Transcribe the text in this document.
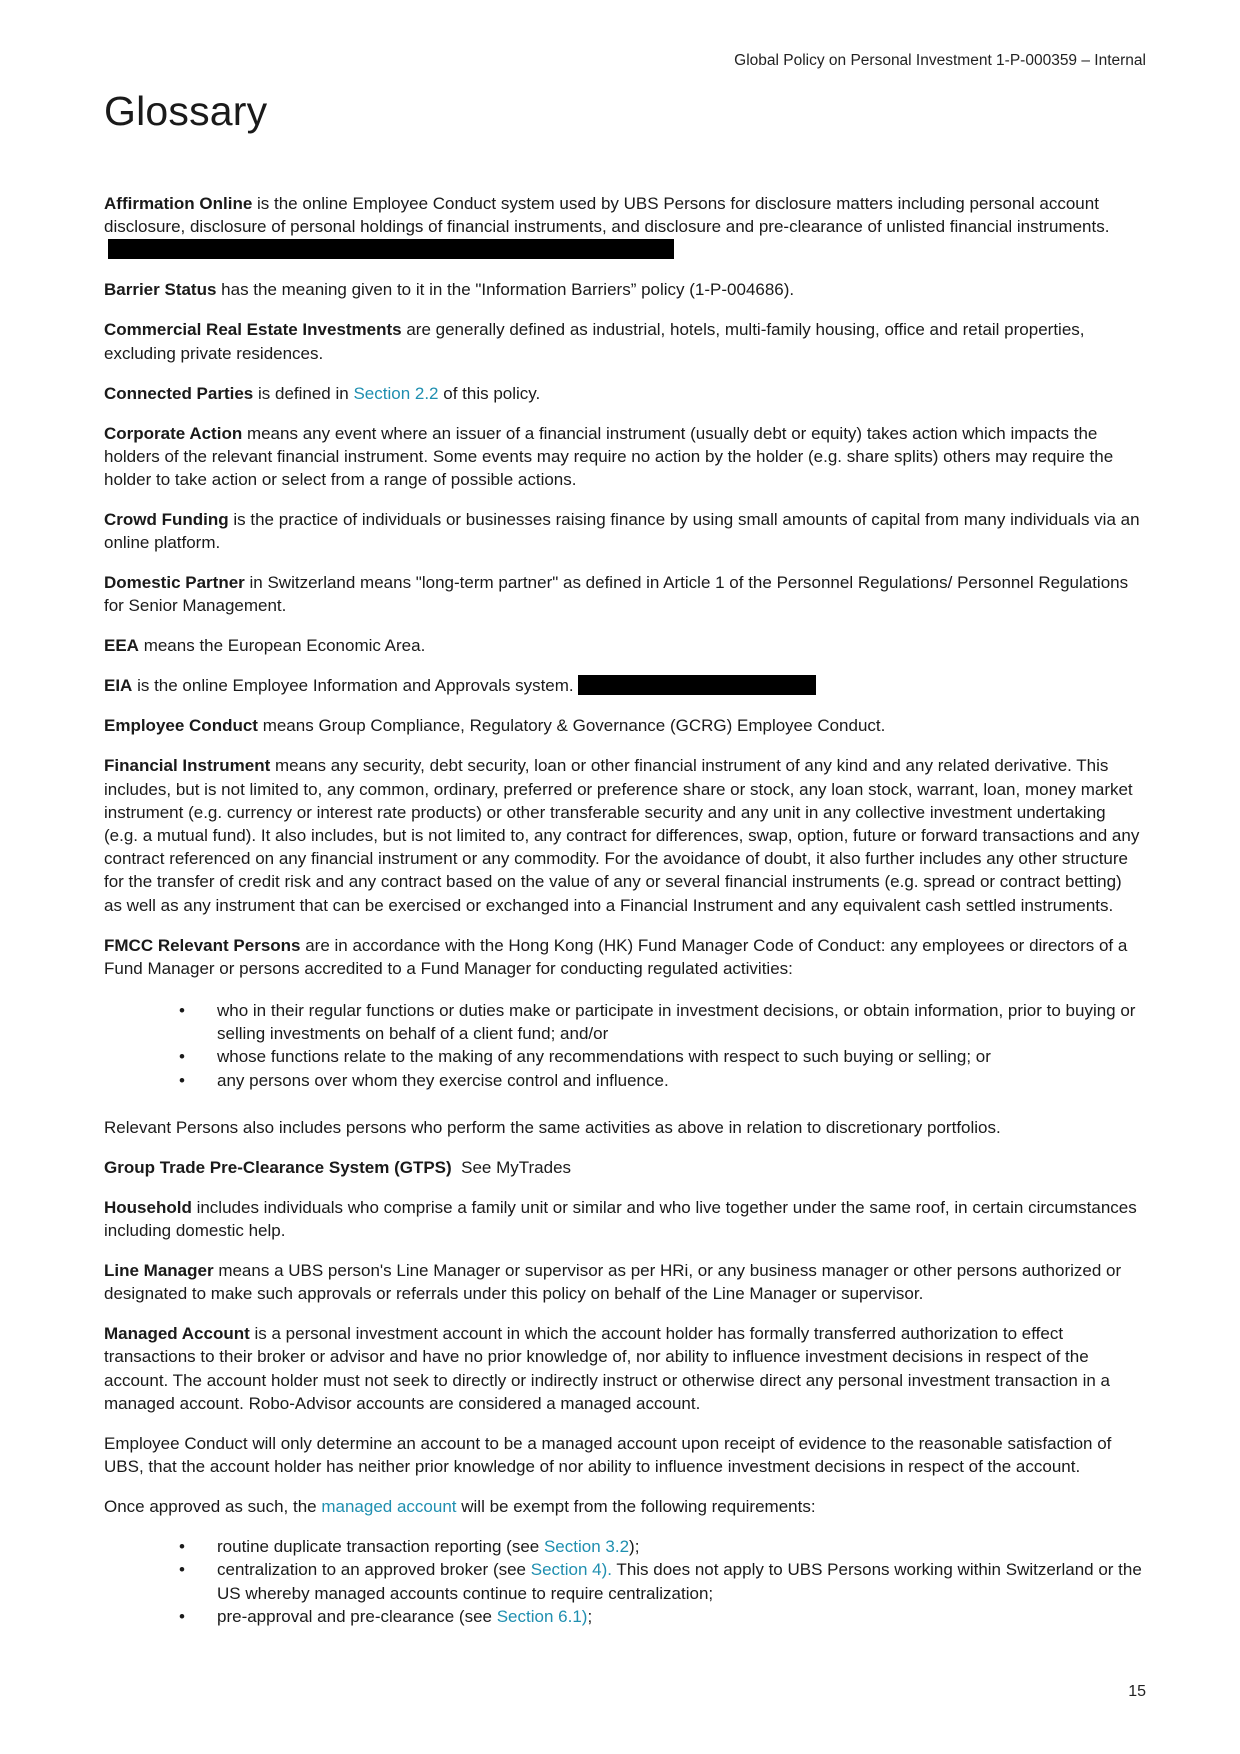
Global Policy on Personal Investment 1-P-000359 – Internal
Glossary

Affirmation Online is the online Employee Conduct system used by UBS Persons for disclosure matters including personal account disclosure, disclosure of personal holdings of financial instruments, and disclosure and pre-clearance of unlisted financial instruments.

Barrier Status has the meaning given to it in the "Information Barriers” policy (1-P-004686).

Commercial Real Estate Investments are generally defined as industrial, hotels, multi-family housing, office and retail properties, excluding private residences.

Connected Parties is defined in Section 2.2 of this policy.

Corporate Action means any event where an issuer of a financial instrument (usually debt or equity) takes action which impacts the holders of the relevant financial instrument. Some events may require no action by the holder (e.g. share splits) others may require the holder to take action or select from a range of possible actions.

Crowd Funding is the practice of individuals or businesses raising finance by using small amounts of capital from many individuals via an online platform.

Domestic Partner in Switzerland means "long-term partner" as defined in Article 1 of the Personnel Regulations/ Personnel Regulations for Senior Management.

EEA means the European Economic Area.

EIA is the online Employee Information and Approvals system.

Employee Conduct means Group Compliance, Regulatory & Governance (GCRG) Employee Conduct.

Financial Instrument means any security, debt security, loan or other financial instrument of any kind and any related derivative. This includes, but is not limited to, any common, ordinary, preferred or preference share or stock, any loan stock, warrant, loan, money market instrument (e.g. currency or interest rate products) or other transferable security and any unit in any collective investment undertaking (e.g. a mutual fund). It also includes, but is not limited to, any contract for differences, swap, option, future or forward transactions and any contract referenced on any financial instrument or any commodity. For the avoidance of doubt, it also further includes any other structure for the transfer of credit risk and any contract based on the value of any or several financial instruments (e.g. spread or contract betting) as well as any instrument that can be exercised or exchanged into a Financial Instrument and any equivalent cash settled instruments.

FMCC Relevant Persons are in accordance with the Hong Kong (HK) Fund Manager Code of Conduct: any employees or directors of a Fund Manager or persons accredited to a Fund Manager for conducting regulated activities:

• who in their regular functions or duties make or participate in investment decisions, or obtain information, prior to buying or selling investments on behalf of a client fund; and/or
• whose functions relate to the making of any recommendations with respect to such buying or selling; or
• any persons over whom they exercise control and influence.

Relevant Persons also includes persons who perform the same activities as above in relation to discretionary portfolios.

Group Trade Pre-Clearance System (GTPS)  See MyTrades

Household includes individuals who comprise a family unit or similar and who live together under the same roof, in certain circumstances including domestic help.

Line Manager means a UBS person's Line Manager or supervisor as per HRi, or any business manager or other persons authorized or designated to make such approvals or referrals under this policy on behalf of the Line Manager or supervisor.

Managed Account is a personal investment account in which the account holder has formally transferred authorization to effect transactions to their broker or advisor and have no prior knowledge of, nor ability to influence investment decisions in respect of the account. The account holder must not seek to directly or indirectly instruct or otherwise direct any personal investment transaction in a managed account. Robo-Advisor accounts are considered a managed account.

Employee Conduct will only determine an account to be a managed account upon receipt of evidence to the reasonable satisfaction of UBS, that the account holder has neither prior knowledge of nor ability to influence investment decisions in respect of the account.

Once approved as such, the managed account will be exempt from the following requirements:

• routine duplicate transaction reporting (see Section 3.2);
• centralization to an approved broker (see Section 4). This does not apply to UBS Persons working within Switzerland or the US whereby managed accounts continue to require centralization;
• pre-approval and pre-clearance (see Section 6.1);
15
